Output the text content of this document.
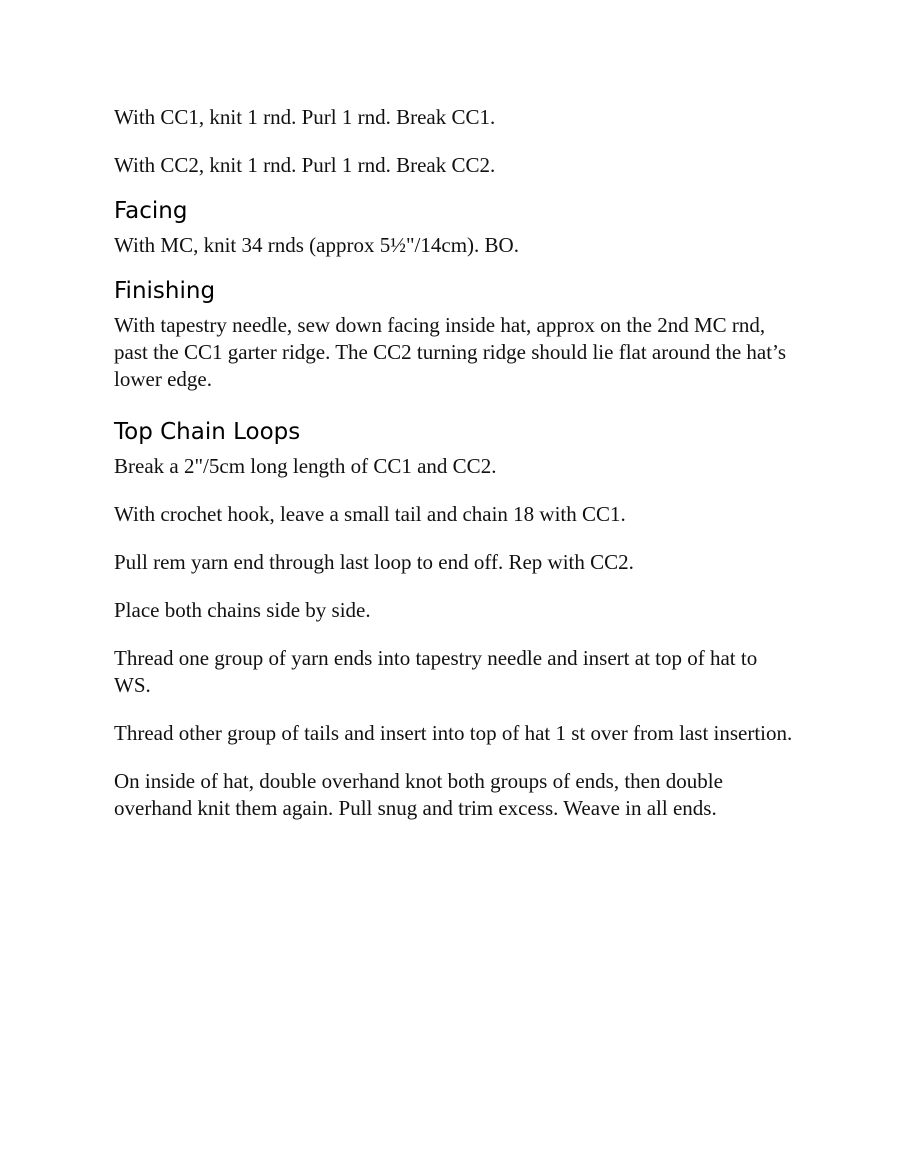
With CC1, knit 1 rnd. Purl 1 rnd. Break CC1.

With CC2, knit 1 rnd. Purl 1 rnd. Break CC2.

Facing

With MC, knit 34 rnds (approx 5½"/14cm). BO.

Finishing

With tapestry needle, sew down facing inside hat, approx on the 2nd MC rnd, past the CC1 garter ridge. The CC2 turning ridge should lie flat around the hat’s lower edge.

Top Chain Loops

Break a 2"/5cm long length of CC1 and CC2.

With crochet hook, leave a small tail and chain 18 with CC1.

Pull rem yarn end through last loop to end off. Rep with CC2.

Place both chains side by side.

Thread one group of yarn ends into tapestry needle and insert at top of hat to WS.

Thread other group of tails and insert into top of hat 1 st over from last insertion.

On inside of hat, double overhand knot both groups of ends, then double overhand knit them again. Pull snug and trim excess. Weave in all ends.
